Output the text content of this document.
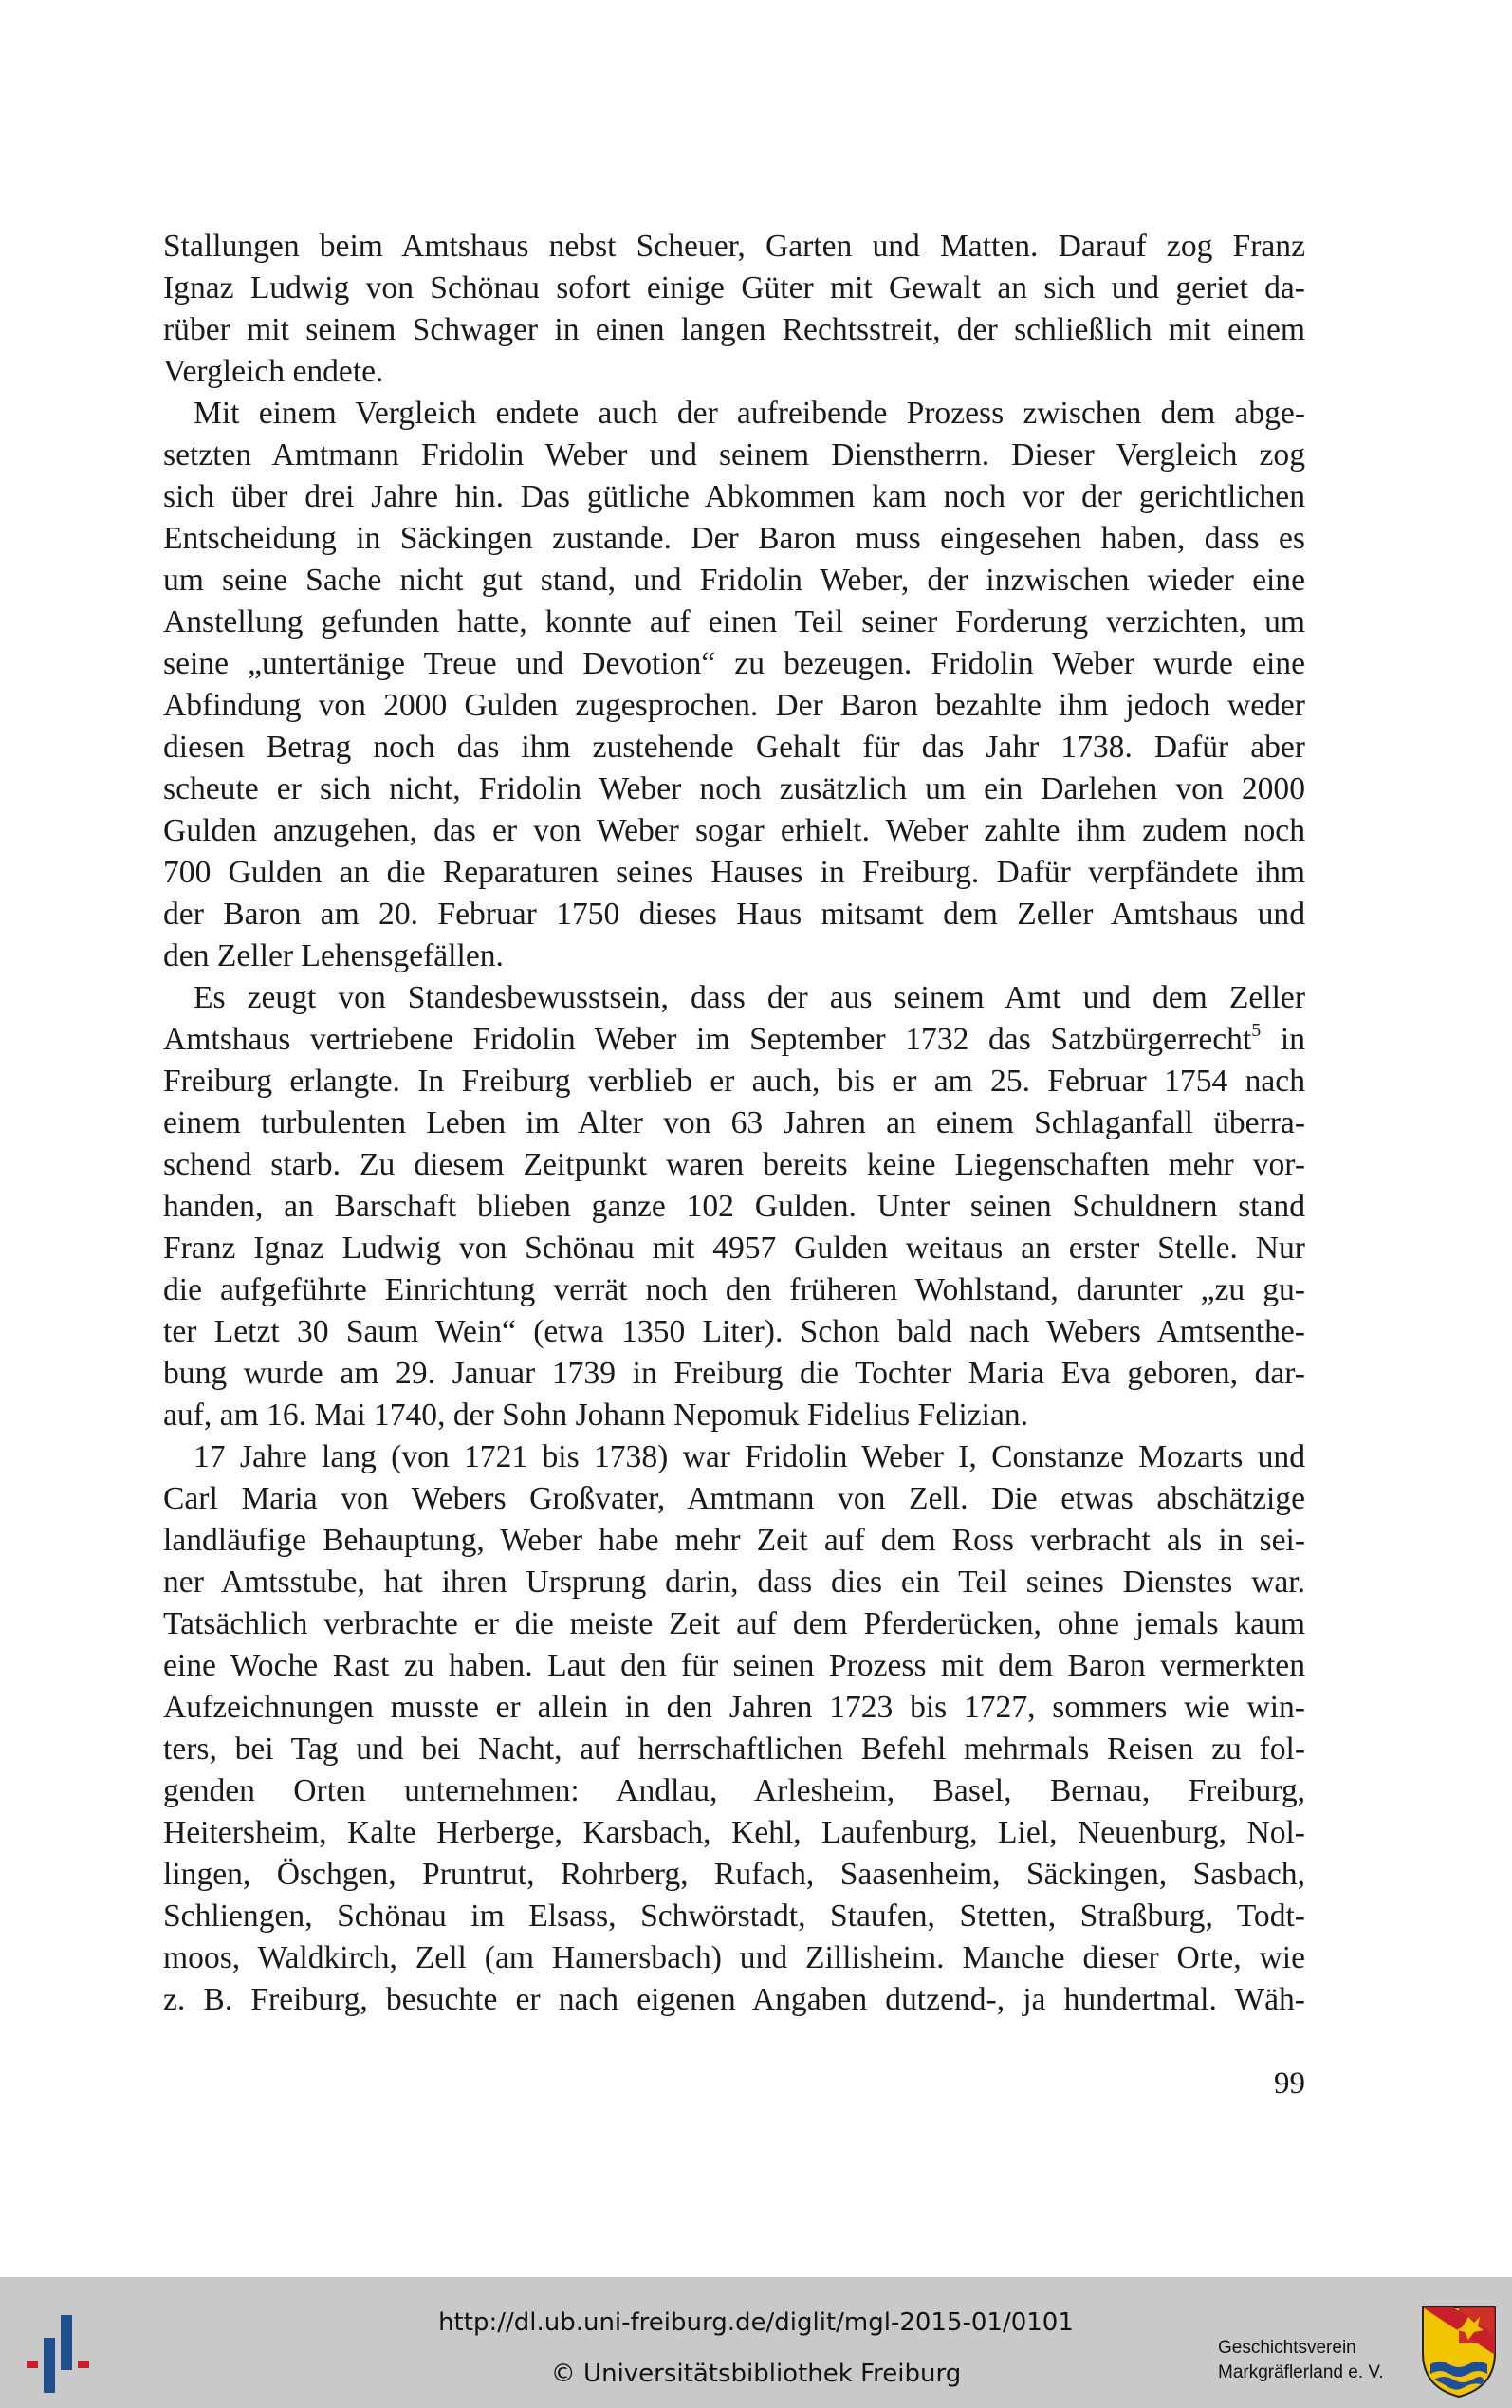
Stallungen beim Amtshaus nebst Scheuer, Garten und Matten. Darauf zog Franz
Ignaz Ludwig von Schönau sofort einige Güter mit Gewalt an sich und geriet da-
rüber mit seinem Schwager in einen langen Rechtsstreit, der schließlich mit einem
Vergleich endete.
Mit einem Vergleich endete auch der aufreibende Prozess zwischen dem abge-
setzten Amtmann Fridolin Weber und seinem Dienstherrn. Dieser Vergleich zog
sich über drei Jahre hin. Das gütliche Abkommen kam noch vor der gerichtlichen
Entscheidung in Säckingen zustande. Der Baron muss eingesehen haben, dass es
um seine Sache nicht gut stand, und Fridolin Weber, der inzwischen wieder eine
Anstellung gefunden hatte, konnte auf einen Teil seiner Forderung verzichten, um
seine „untertänige Treue und Devotion“ zu bezeugen. Fridolin Weber wurde eine
Abfindung von 2000 Gulden zugesprochen. Der Baron bezahlte ihm jedoch weder
diesen Betrag noch das ihm zustehende Gehalt für das Jahr 1738. Dafür aber
scheute er sich nicht, Fridolin Weber noch zusätzlich um ein Darlehen von 2000
Gulden anzugehen, das er von Weber sogar erhielt. Weber zahlte ihm zudem noch
700 Gulden an die Reparaturen seines Hauses in Freiburg. Dafür verpfändete ihm
der Baron am 20. Februar 1750 dieses Haus mitsamt dem Zeller Amtshaus und
den Zeller Lehensgefällen.
Es zeugt von Standesbewusstsein, dass der aus seinem Amt und dem Zeller
Amtshaus vertriebene Fridolin Weber im September 1732 das Satzbürgerrecht$^5$ in
Freiburg erlangte. In Freiburg verblieb er auch, bis er am 25. Februar 1754 nach
einem turbulenten Leben im Alter von 63 Jahren an einem Schlaganfall überra-
schend starb. Zu diesem Zeitpunkt waren bereits keine Liegenschaften mehr vor-
handen, an Barschaft blieben ganze 102 Gulden. Unter seinen Schuldnern stand
Franz Ignaz Ludwig von Schönau mit 4957 Gulden weitaus an erster Stelle. Nur
die aufgeführte Einrichtung verrät noch den früheren Wohlstand, darunter „zu gu-
ter Letzt 30 Saum Wein“ (etwa 1350 Liter). Schon bald nach Webers Amtsenthe-
bung wurde am 29. Januar 1739 in Freiburg die Tochter Maria Eva geboren, dar-
auf, am 16. Mai 1740, der Sohn Johann Nepomuk Fidelius Felizian.
17 Jahre lang (von 1721 bis 1738) war Fridolin Weber I, Constanze Mozarts und
Carl Maria von Webers Großvater, Amtmann von Zell. Die etwas abschätzige
landläufige Behauptung, Weber habe mehr Zeit auf dem Ross verbracht als in sei-
ner Amtsstube, hat ihren Ursprung darin, dass dies ein Teil seines Dienstes war.
Tatsächlich verbrachte er die meiste Zeit auf dem Pferderücken, ohne jemals kaum
eine Woche Rast zu haben. Laut den für seinen Prozess mit dem Baron vermerkten
Aufzeichnungen musste er allein in den Jahren 1723 bis 1727, sommers wie win-
ters, bei Tag und bei Nacht, auf herrschaftlichen Befehl mehrmals Reisen zu fol-
genden Orten unternehmen: Andlau, Arlesheim, Basel, Bernau, Freiburg,
Heitersheim, Kalte Herberge, Karsbach, Kehl, Laufenburg, Liel, Neuenburg, Nol-
lingen, Öschgen, Pruntrut, Rohrberg, Rufach, Saasenheim, Säckingen, Sasbach,
Schliengen, Schönau im Elsass, Schwörstadt, Staufen, Stetten, Straßburg, Todt-
moos, Waldkirch, Zell (am Hamersbach) und Zillisheim. Manche dieser Orte, wie
z. B. Freiburg, besuchte er nach eigenen Angaben dutzend-, ja hundertmal. Wäh-
99
http://dl.ub.uni-freiburg.de/diglit/mgl-2015-01/0101
© Universitätsbibliothek Freiburg
Geschichtsverein
Markgräflerland e. V.
